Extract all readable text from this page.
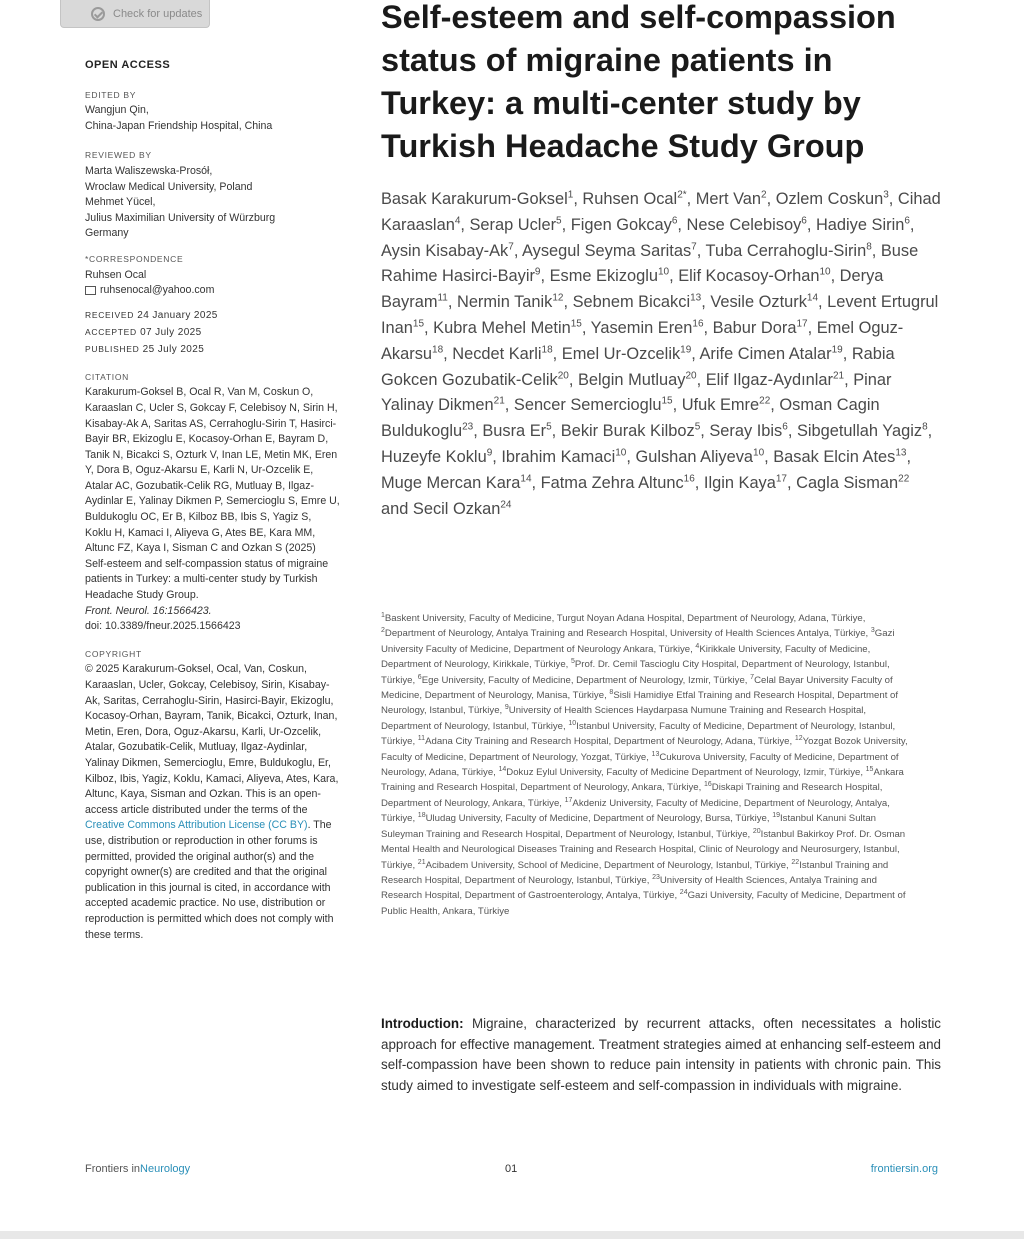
Check for updates
OPEN ACCESS
EDITED BY
Wangjun Qin,
China-Japan Friendship Hospital, China
REVIEWED BY
Marta Waliszewska-Prosół,
Wroclaw Medical University, Poland
Mehmet Yücel,
Julius Maximilian University of Würzburg
Germany
*CORRESPONDENCE
Ruhsen Ocal
ruhsenocal@yahoo.com
RECEIVED 24 January 2025
ACCEPTED 07 July 2025
PUBLISHED 25 July 2025
CITATION
Karakurum-Goksel B, Ocal R, Van M, Coskun O, Karaaslan C, Ucler S, Gokcay F, Celebisoy N, Sirin H, Kisabay-Ak A, Saritas AS, Cerrahoglu-Sirin T, Hasirci-Bayir BR, Ekizoglu E, Kocasoy-Orhan E, Bayram D, Tanik N, Bicakci S, Ozturk V, Inan LE, Metin MK, Eren Y, Dora B, Oguz-Akarsu E, Karli N, Ur-Ozcelik E, Atalar AC, Gozubatik-Celik RG, Mutluay B, Ilgaz-Aydinlar E, Yalinay Dikmen P, Semercioglu S, Emre U, Buldukoglu OC, Er B, Kilboz BB, Ibis S, Yagiz S, Koklu H, Kamaci I, Aliyeva G, Ates BE, Kara MM, Altunc FZ, Kaya I, Sisman C and Ozkan S (2025) Self-esteem and self-compassion status of migraine patients in Turkey: a multi-center study by Turkish Headache Study Group.
Front. Neurol. 16:1566423.
doi: 10.3389/fneur.2025.1566423
COPYRIGHT
© 2025 Karakurum-Goksel, Ocal, Van, Coskun, Karaaslan, Ucler, Gokcay, Celebisoy, Sirin, Kisabay-Ak, Saritas, Cerrahoglu-Sirin, Hasirci-Bayir, Ekizoglu, Kocasoy-Orhan, Bayram, Tanik, Bicakci, Ozturk, Inan, Metin, Eren, Dora, Oguz-Akarsu, Karli, Ur-Ozcelik, Atalar, Gozubatik-Celik, Mutluay, Ilgaz-Aydinlar, Yalinay Dikmen, Semercioglu, Emre, Buldukoglu, Er, Kilboz, Ibis, Yagiz, Koklu, Kamaci, Aliyeva, Ates, Kara, Altunc, Kaya, Sisman and Ozkan. This is an open-access article distributed under the terms of the Creative Commons Attribution License (CC BY). The use, distribution or reproduction in other forums is permitted, provided the original author(s) and the copyright owner(s) are credited and that the original publication in this journal is cited, in accordance with accepted academic practice. No use, distribution or reproduction is permitted which does not comply with these terms.
Self-esteem and self-compassion status of migraine patients in Turkey: a multi-center study by Turkish Headache Study Group
Basak Karakurum-Goksel$^1$, Ruhsen Ocal$^{2*}$, Mert Van$^2$, Ozlem Coskun$^3$, Cihad Karaaslan$^4$, Serap Ucler$^5$, Figen Gokcay$^6$, Nese Celebisoy$^6$, Hadiye Sirin$^6$, Aysin Kisabay-Ak$^7$, Aysegul Seyma Saritas$^7$, Tuba Cerrahoglu-Sirin$^8$, Buse Rahime Hasirci-Bayir$^9$, Esme Ekizoglu$^{10}$, Elif Kocasoy-Orhan$^{10}$, Derya Bayram$^{11}$, Nermin Tanik$^{12}$, Sebnem Bicakci$^{13}$, Vesile Ozturk$^{14}$, Levent Ertugrul Inan$^{15}$, Kubra Mehel Metin$^{15}$, Yasemin Eren$^{16}$, Babur Dora$^{17}$, Emel Oguz-Akarsu$^{18}$, Necdet Karli$^{18}$, Emel Ur-Ozcelik$^{19}$, Arife Cimen Atalar$^{19}$, Rabia Gokcen Gozubatik-Celik$^{20}$, Belgin Mutluay$^{20}$, Elif Ilgaz-Aydınlar$^{21}$, Pinar Yalinay Dikmen$^{21}$, Sencer Semercioglu$^{15}$, Ufuk Emre$^{22}$, Osman Cagin Buldukoglu$^{23}$, Busra Er$^5$, Bekir Burak Kilboz$^5$, Seray Ibis$^6$, Sibgetullah Yagiz$^8$, Huzeyfe Koklu$^9$, Ibrahim Kamaci$^{10}$, Gulshan Aliyeva$^{10}$, Basak Elcin Ates$^{13}$, Muge Mercan Kara$^{14}$, Fatma Zehra Altunc$^{16}$, Ilgin Kaya$^{17}$, Cagla Sisman$^{22}$ and Secil Ozkan$^{24}$
$^1$Baskent University, Faculty of Medicine, Turgut Noyan Adana Hospital, Department of Neurology, Adana, Türkiye, $^2$Department of Neurology, Antalya Training and Research Hospital, University of Health Sciences Antalya, Türkiye, $^3$Gazi University Faculty of Medicine, Department of Neurology Ankara, Türkiye, $^4$Kirikkale University, Faculty of Medicine, Department of Neurology, Kirikkale, Türkiye, $^5$Prof. Dr. Cemil Tascioglu City Hospital, Department of Neurology, Istanbul, Türkiye, $^6$Ege University, Faculty of Medicine, Department of Neurology, Izmir, Türkiye, $^7$Celal Bayar University Faculty of Medicine, Department of Neurology, Manisa, Türkiye, $^8$Sisli Hamidiye Etfal Training and Research Hospital, Department of Neurology, Istanbul, Türkiye, $^9$University of Health Sciences Haydarpasa Numune Training and Research Hospital, Department of Neurology, Istanbul, Türkiye, $^{10}$Istanbul University, Faculty of Medicine, Department of Neurology, Istanbul, Türkiye, $^{11}$Adana City Training and Research Hospital, Department of Neurology, Adana, Türkiye, $^{12}$Yozgat Bozok University, Faculty of Medicine, Department of Neurology, Yozgat, Türkiye, $^{13}$Cukurova University, Faculty of Medicine, Department of Neurology, Adana, Türkiye, $^{14}$Dokuz Eylul University, Faculty of Medicine Department of Neurology, Izmir, Türkiye, $^{15}$Ankara Training and Research Hospital, Department of Neurology, Ankara, Türkiye, $^{16}$Diskapi Training and Research Hospital, Department of Neurology, Ankara, Türkiye, $^{17}$Akdeniz University, Faculty of Medicine, Department of Neurology, Antalya, Türkiye, $^{18}$Uludag University, Faculty of Medicine, Department of Neurology, Bursa, Türkiye, $^{19}$Istanbul Kanuni Sultan Suleyman Training and Research Hospital, Department of Neurology, Istanbul, Türkiye, $^{20}$Istanbul Bakirkoy Prof. Dr. Osman Mental Health and Neurological Diseases Training and Research Hospital, Clinic of Neurology and Neurosurgery, Istanbul, Türkiye, $^{21}$Acibadem University, School of Medicine, Department of Neurology, Istanbul, Türkiye, $^{22}$Istanbul Training and Research Hospital, Department of Neurology, Istanbul, Türkiye, $^{23}$University of Health Sciences, Antalya Training and Research Hospital, Department of Gastroenterology, Antalya, Türkiye, $^{24}$Gazi University, Faculty of Medicine, Department of Public Health, Ankara, Türkiye
Introduction: Migraine, characterized by recurrent attacks, often necessitates a holistic approach for effective management. Treatment strategies aimed at enhancing self-esteem and self-compassion have been shown to reduce pain intensity in patients with chronic pain. This study aimed to investigate self-esteem and self-compassion in individuals with migraine.
Frontiers inNeurology	01	frontiersin.org
